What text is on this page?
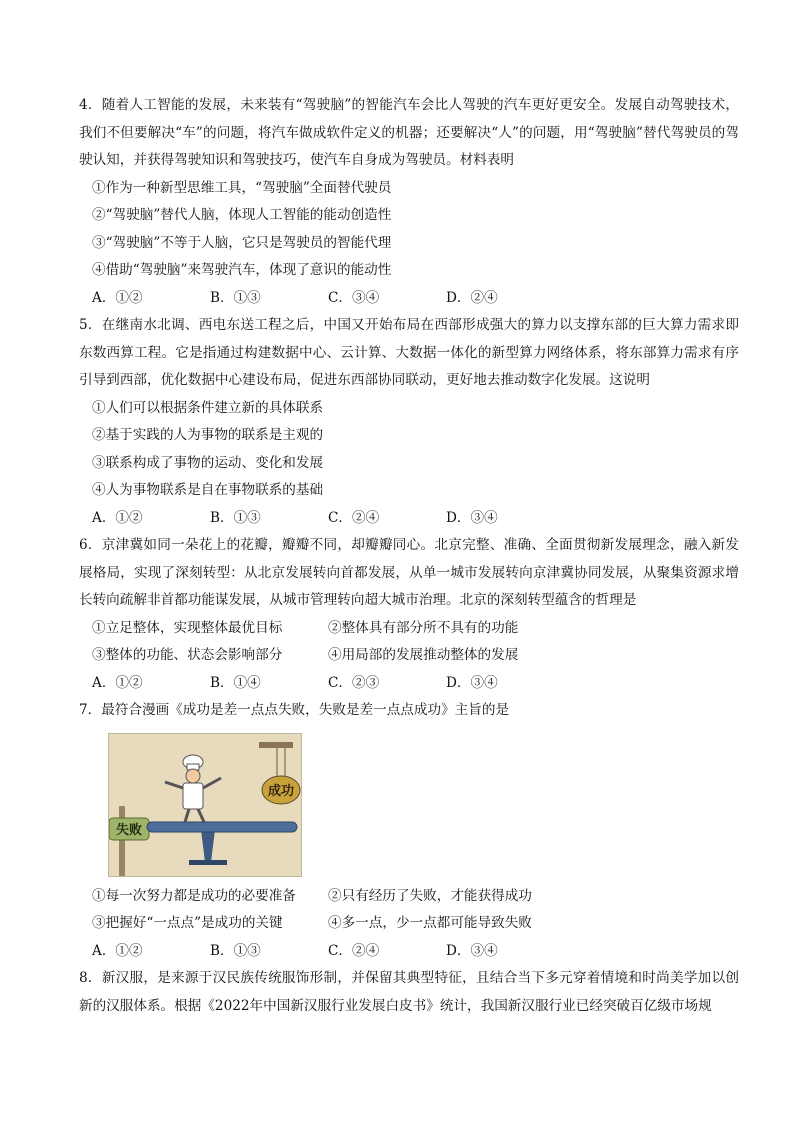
4．随着人工智能的发展，未来装有“驾驶脑”的智能汽车会比人驾驶的汽车更好更安全。发展自动驾驶技术，我们不但要解决“车”的问题，将汽车做成软件定义的机器；还要解决“人”的问题，用“驾驶脑”替代驾驶员的驾驶认知，并获得驾驶知识和驾驶技巧，使汽车自身成为驾驶员。材料表明

①作为一种新型思维工具，“驾驶脑”全面替代驶员

②“驾驶脑”替代人脑，体现人工智能的能动创造性

③“驾驶脑”不等于人脑，它只是驾驶员的智能代理

④借助“驾驶脑”来驾驶汽车，体现了意识的能动性

A．①②	B．①③	C．③④	D．②④

5．在继南水北调、西电东送工程之后，中国又开始布局在西部形成强大的算力以支撑东部的巨大算力需求即东数西算工程。它是指通过构建数据中心、云计算、大数据一体化的新型算力网络体系，将东部算力需求有序引导到西部，优化数据中心建设布局，促进东西部协同联动，更好地去推动数字化发展。这说明

①人们可以根据条件建立新的具体联系

②基于实践的人为事物的联系是主观的

③联系构成了事物的运动、变化和发展

④人为事物联系是自在事物联系的基础

A．①②	B．①③	C．②④	D．③④

6．京津冀如同一朵花上的花瓣，瓣瓣不同，却瓣瓣同心。北京完整、准确、全面贯彻新发展理念，融入新发展格局，实现了深刻转型：从北京发展转向首都发展，从单一城市发展转向京津冀协同发展，从聚集资源求增长转向疏解非首都功能谋发展，从城市管理转向超大城市治理。北京的深刻转型蕴含的哲理是

①立足整体，实现整体最优目标	②整体具有部分所不具有的功能
③整体的功能、状态会影响部分	④用局部的发展推动整体的发展
A．①②	B．①④	C．②③	D．③④

7．最符合漫画《成功是差一点点失败，失败是差一点点成功》主旨的是

成功
失败
①每一次努力都是成功的必要准备	②只有经历了失败，才能获得成功
③把握好“一点点”是成功的关键	④多一点，少一点都可能导致失败
A．①②	B．①③	C．②④	D．③④

8．新汉服，是来源于汉民族传统服饰形制，并保留其典型特征，且结合当下多元穿着情境和时尚美学加以创新的汉服体系。根据《2022年中国新汉服行业发展白皮书》统计，我国新汉服行业已经突破百亿级市场规
